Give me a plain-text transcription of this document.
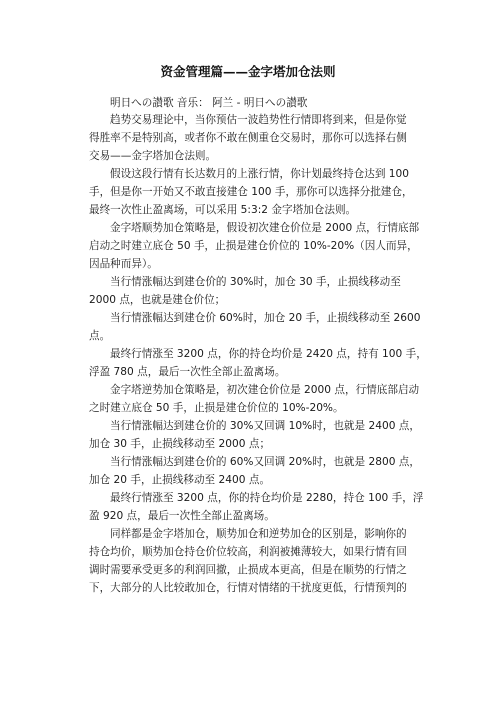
资金管理篇——金字塔加仓法则
明日への讃歌 音乐： 阿兰 - 明日への讃歌
趋势交易理论中，当你预估一波趋势性行情即将到来，但是你觉
得胜率不是特别高，或者你不敢在侧重仓交易时，那你可以选择右侧
交易——金字塔加仓法则。
假设这段行情有长达数月的上涨行情，你计划最终持仓达到 100
手，但是你一开始又不敢直接建仓 100 手，那你可以选择分批建仓，
最终一次性止盈离场，可以采用 5:3:2 金字塔加仓法则。
金字塔顺势加仓策略是，假设初次建仓价位是 2000 点，行情底部
启动之时建立底仓 50 手，止损是建仓价位的 10%-20%（因人而异，
因品种而异）。
当行情涨幅达到建仓价的 30%时，加仓 30 手，止损线移动至
2000 点，也就是建仓价位；
当行情涨幅达到建仓价 60%时，加仓 20 手，止损线移动至 2600
点。
最终行情涨至 3200 点，你的持仓均价是 2420 点，持有 100 手，
浮盈 780 点，最后一次性全部止盈离场。
金字塔逆势加仓策略是，初次建仓价位是 2000 点，行情底部启动
之时建立底仓 50 手，止损是建仓价位的 10%-20%。
当行情涨幅达到建仓价的 30%又回调 10%时，也就是 2400 点，
加仓 30 手，止损线移动至 2000 点；
当行情涨幅达到建仓价的 60%又回调 20%时，也就是 2800 点，
加仓 20 手，止损线移动至 2400 点。
最终行情涨至 3200 点，你的持仓均价是 2280，持仓 100 手，浮
盈 920 点，最后一次性全部止盈离场。
同样都是金字塔加仓，顺势加仓和逆势加仓的区别是，影响你的
持仓均价，顺势加仓持仓价位较高，利润被摊薄较大，如果行情有回
调时需要承受更多的利润回撤，止损成本更高，但是在顺势的行情之
下，大部分的人比较敢加仓，行情对情绪的干扰度更低，行情预判的
